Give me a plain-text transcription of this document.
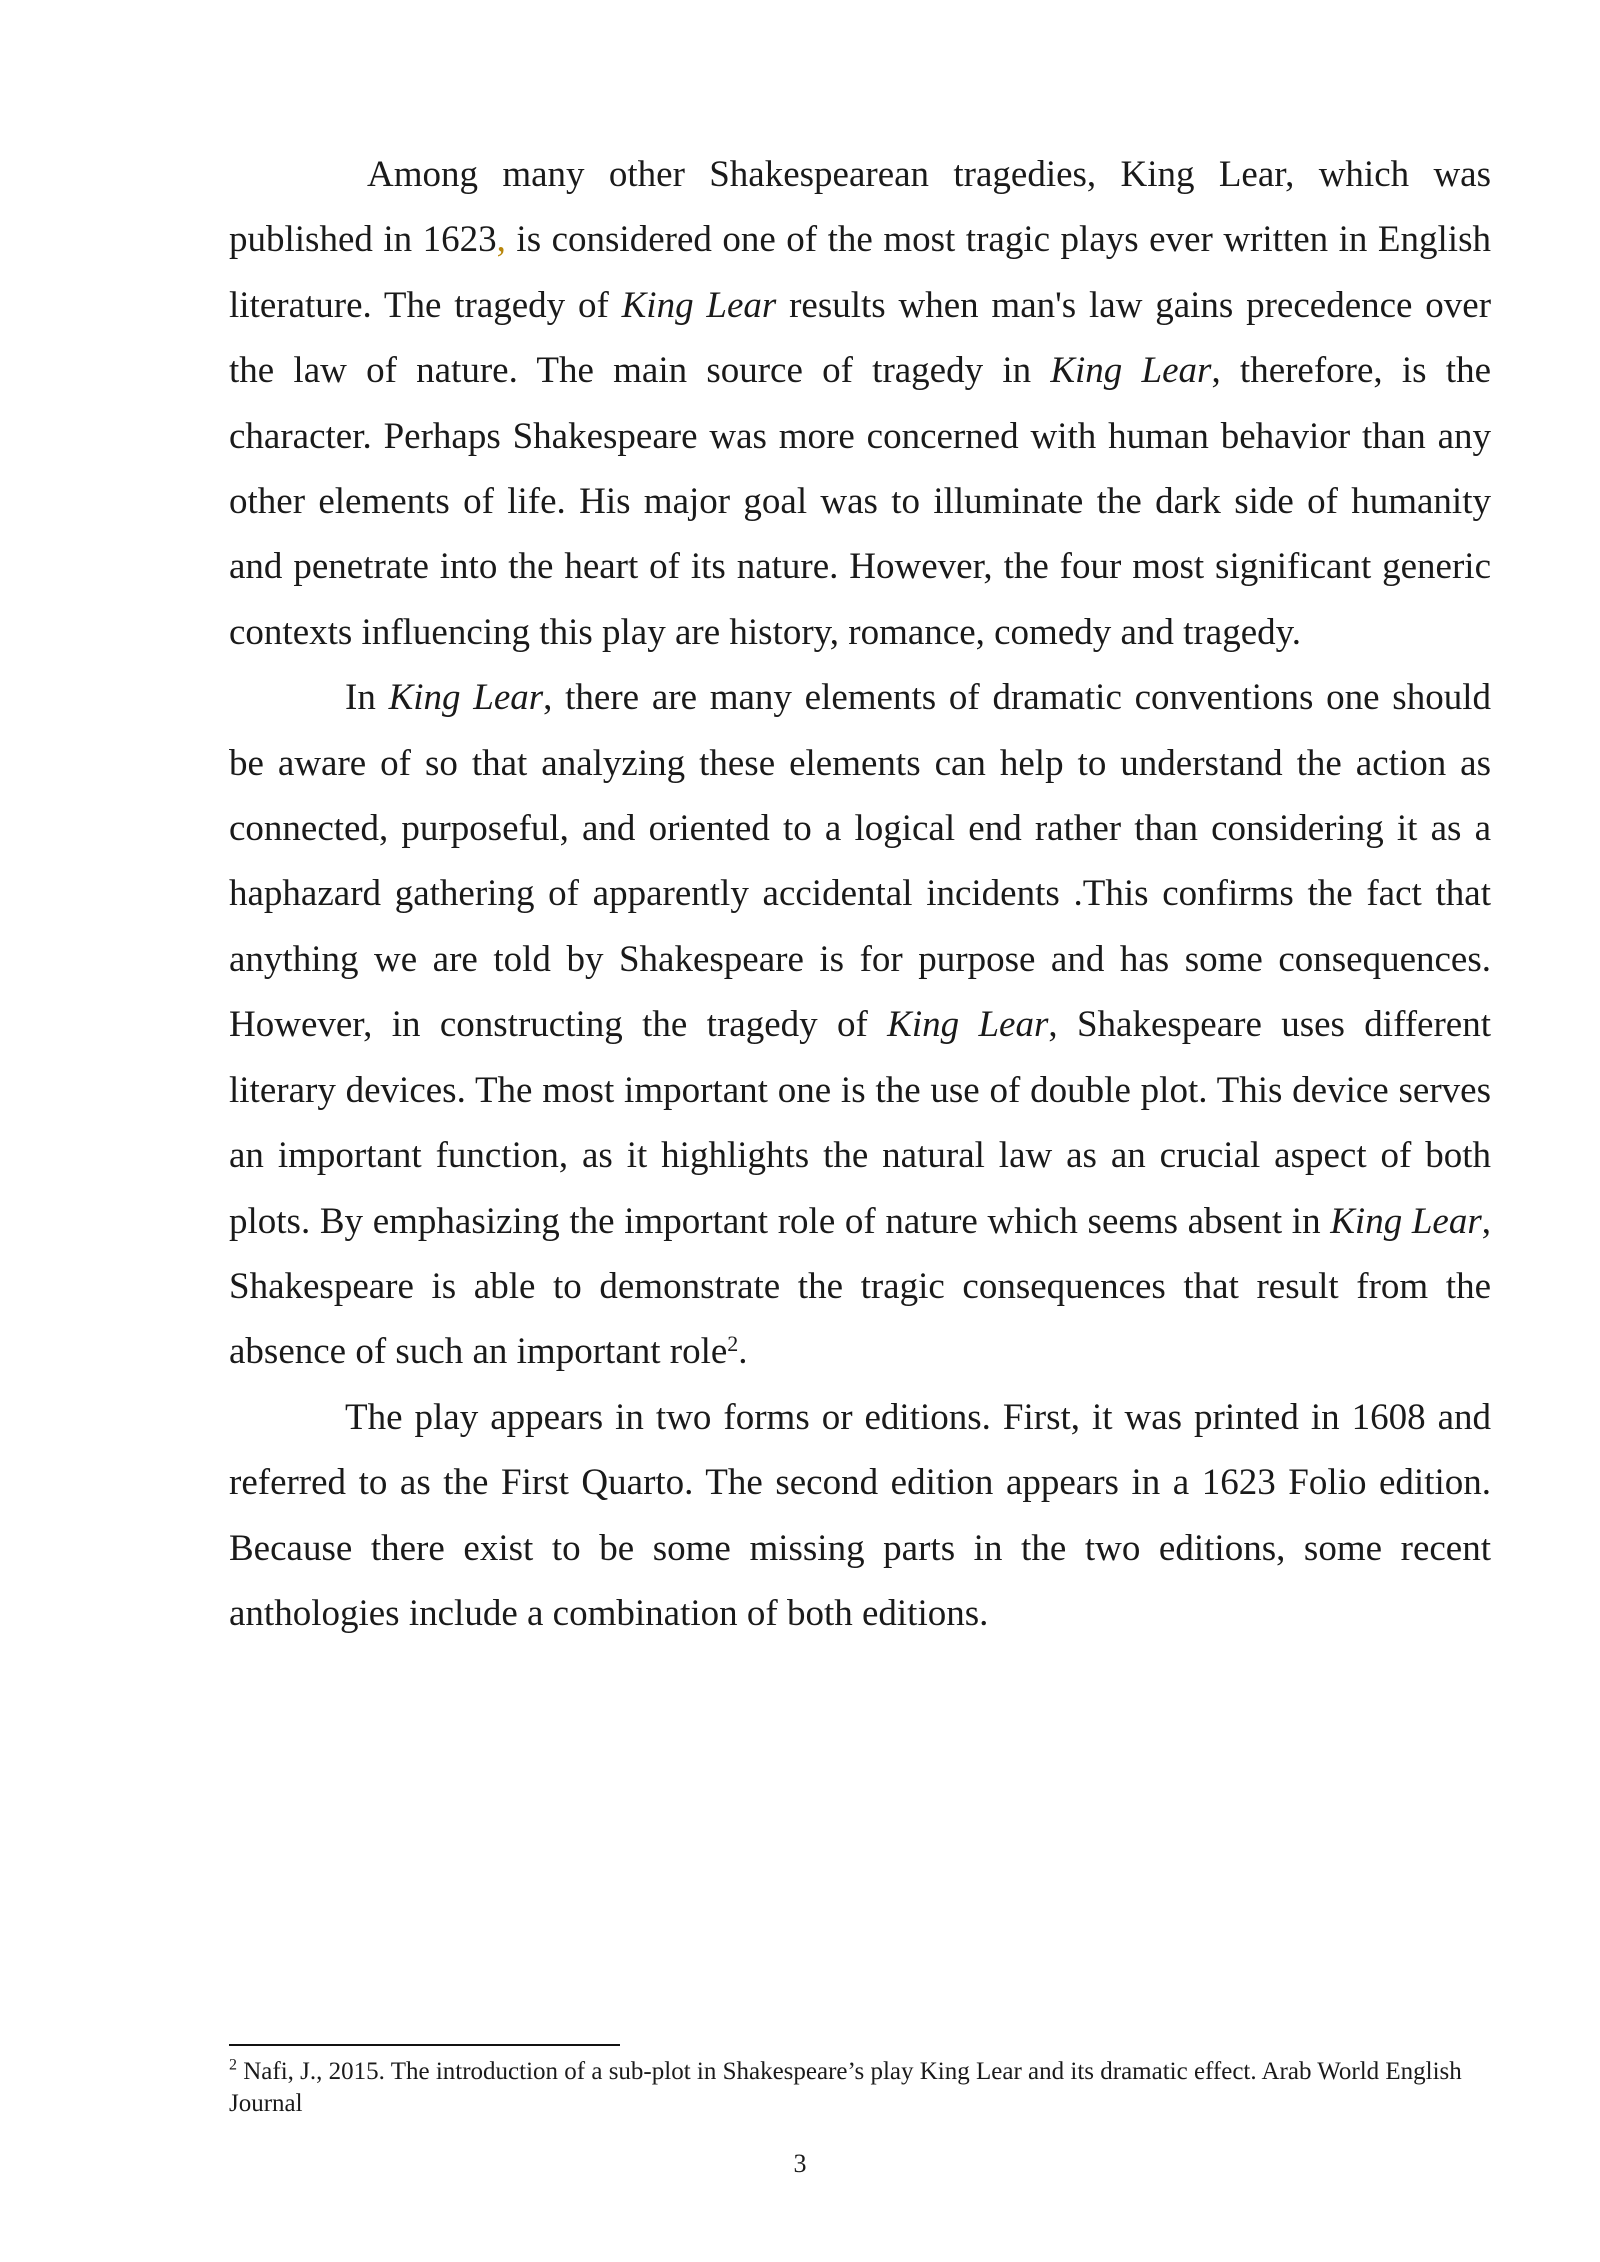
Among many other Shakespearean tragedies, King Lear, which was published in 1623, is considered one of the most tragic plays ever written in English literature. The tragedy of King Lear results when man's law gains precedence over the law of nature. The main source of tragedy in King Lear, therefore, is the character. Perhaps Shakespeare was more concerned with human behavior than any other elements of life. His major goal was to illuminate the dark side of humanity and penetrate into the heart of its nature. However, the four most significant generic contexts influencing this play are history, romance, comedy and tragedy.

In King Lear, there are many elements of dramatic conventions one should be aware of so that analyzing these elements can help to understand the action as connected, purposeful, and oriented to a logical end rather than considering it as a haphazard gathering of apparently accidental incidents .This confirms the fact that anything we are told by Shakespeare is for purpose and has some consequences. However, in constructing the tragedy of King Lear, Shakespeare uses different literary devices. The most important one is the use of double plot. This device serves an important function, as it highlights the natural law as an crucial aspect of both plots. By emphasizing the important role of nature which seems absent in King Lear, Shakespeare is able to demonstrate the tragic consequences that result from the absence of such an important role$^2$.

The play appears in two forms or editions. First, it was printed in 1608 and referred to as the First Quarto. The second edition appears in a 1623 Folio edition. Because there exist to be some missing parts in the two editions, some recent anthologies include a combination of both editions.

$^2$ Nafi, J., 2015. The introduction of a sub-plot in Shakespeare’s play King Lear and its dramatic effect. Arab World English Journal

3
